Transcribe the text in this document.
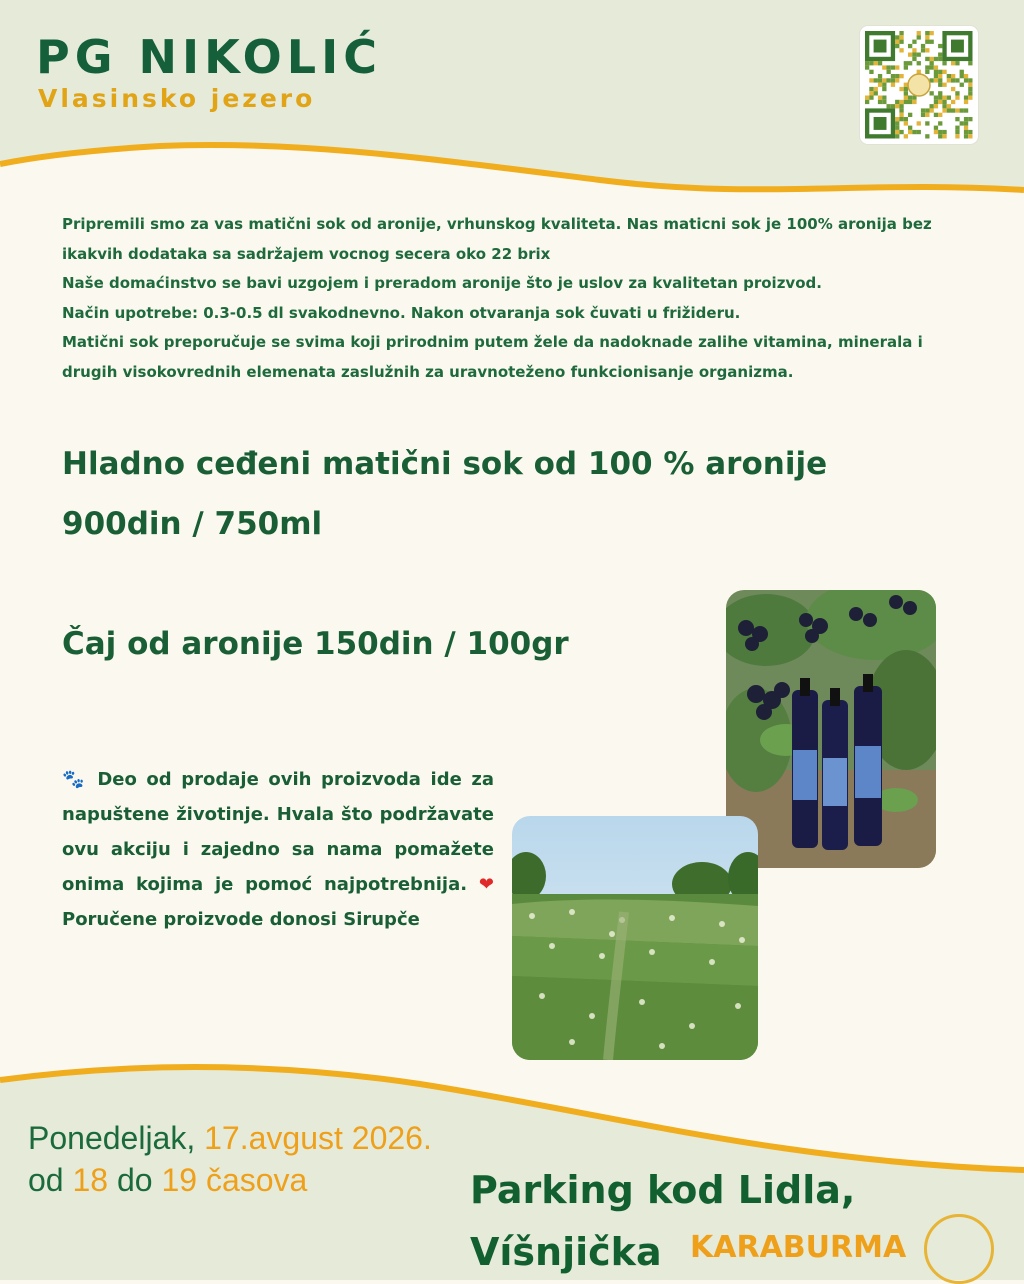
PG NIKOLIĆ
Vlasinsko jezero

Pripremili smo za vas matični sok od aronije, vrhunskog kvaliteta. Nas maticni sok je 100% aronija bez ikakvih dodataka sa sadržajem vocnog secera oko 22 brix

Naše domaćinstvo se bavi uzgojem i preradom aronije što je uslov za kvalitetan proizvod.

Način upotrebe: 0.3-0.5 dl svakodnevno. Nakon otvaranja sok čuvati u frižideru.

Matični sok preporučuje se svima koji prirodnim putem žele da nadoknade zalihe vitamina, minerala i drugih visokovrednih elemenata zaslužnih za uravnoteženo funkcionisanje organizma.

Hladno ceđeni matični sok od 100 % aronije

900din / 750ml

Čaj od aronije 150din / 100gr

🐾 Deo od prodaje ovih proizvoda ide za napuštene životinje. Hvala što podržavate ovu akciju i zajedno sa nama pomažete onima kojima je pomoć najpotrebnija. ❤ Poručene proizvode donosi Sirupče

Ponedeljak, 17.avgust 2026.

od 18 do 19 časova	Parking kod Lidla,

Víšnjička KARABURMA
